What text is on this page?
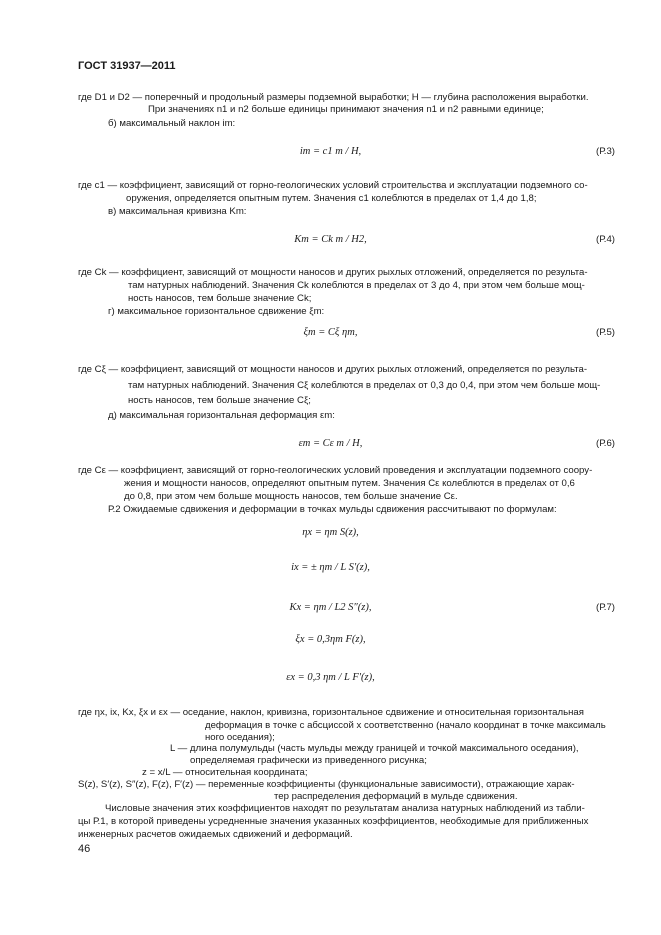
ГОСТ 31937—2011
где D1 и D2 — поперечный и продольный размеры подземной выработки; H — глубина расположения выработки.
При значениях n1 и n2 больше единицы принимают значения n1 и n2 равными единице;
б) максимальный наклон im:
im = c1 m / H,	(Р.3)
где c1 — коэффициент, зависящий от горно-геологических условий строительства и эксплуатации подземного со-
оружения, определяется опытным путем. Значения c1 колеблются в пределах от 1,4 до 1,8;
в) максимальная кривизна Km:
Km = Ck m / H2,	(Р.4)
где Ck — коэффициент, зависящий от мощности наносов и других рыхлых отложений, определяется по результа-
там натурных наблюдений. Значения Ck колеблются в пределах от 3 до 4, при этом чем больше мощ-
ность наносов, тем больше значение Ck;
г) максимальное горизонтальное сдвижение ξm:
ξm = Cξ ηm,	(Р.5)
где Cξ — коэффициент, зависящий от мощности наносов и других рыхлых отложений, определяется по результа-
там натурных наблюдений. Значения Cξ колеблются в пределах от 0,3 до 0,4, при этом чем больше мощ-
ность наносов, тем больше значение Cξ;
д) максимальная горизонтальная деформация εm:
εm = Cε m / H,	(Р.6)
где Cε — коэффициент, зависящий от горно-геологических условий проведения и эксплуатации подземного соору-
жения и мощности наносов, определяют опытным путем. Значения Cε колеблются в пределах от 0,6
до 0,8, при этом чем больше мощность наносов, тем больше значение Cε.
Р.2 Ожидаемые сдвижения и деформации в точках мульды сдвижения рассчитывают по формулам:
ηx = ηm S(z),
ix = ± ηm / L S′(z),
Kx = ηm / L2 S″(z),	(Р.7)
ξx = 0,3ηm F(z),
εx = 0,3 ηm / L F′(z),
где ηx, ix, Kx, ξx и εx — оседание, наклон, кривизна, горизонтальное сдвижение и относительная горизонтальная
деформация в точке с абсциссой x соответственно (начало координат в точке максималь
ного оседания);
L — длина полумульды (часть мульды между границей и точкой максимального оседания),
определяемая графически из приведенного рисунка;
z = x/L — относительная координата;
S(z), S′(z), S″(z), F(z), F′(z) — переменные коэффициенты (функциональные зависимости), отражающие харак-
тер распределения деформаций в мульде сдвижения.
Числовые значения этих коэффициентов находят по результатам анализа натурных наблюдений из табли-
цы Р.1, в которой приведены усредненные значения указанных коэффициентов, необходимые для приближенных
инженерных расчетов ожидаемых сдвижений и деформаций.
46
